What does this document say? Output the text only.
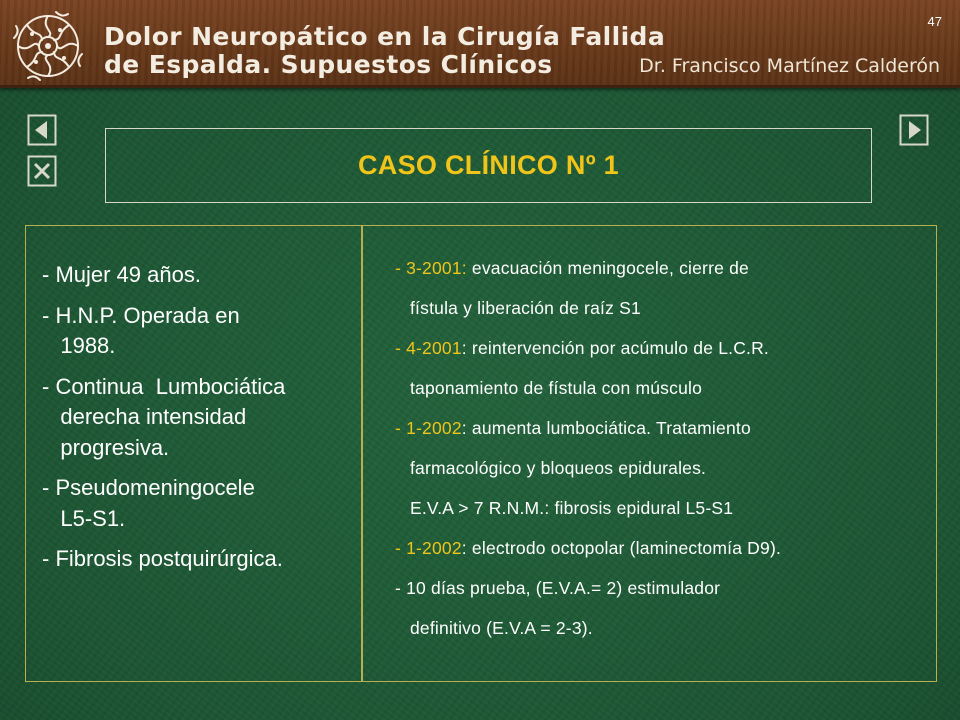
Dolor Neuropático en la Cirugía Fallida
de Espalda. Supuestos Clínicos	Dr. Francisco Martínez Calderón
47
CASO CLÍNICO Nº 1
- Mujer 49 años.
- H.N.P. Operada en
1988.
- Continua  Lumbociática
derecha intensidad
progresiva.
- Pseudomeningocele
L5-S1.
- Fibrosis postquirúrgica.
- 3-2001: evacuación meningocele, cierre de
fístula y liberación de raíz S1
- 4-2001: reintervención por acúmulo de L.C.R.
taponamiento de fístula con músculo
- 1-2002: aumenta lumbociática. Tratamiento
farmacológico y bloqueos epidurales.
E.V.A > 7 R.N.M.: fibrosis epidural L5-S1
- 1-2002: electrodo octopolar (laminectomía D9).
- 10 días prueba, (E.V.A.= 2) estimulador
definitivo (E.V.A = 2-3).
